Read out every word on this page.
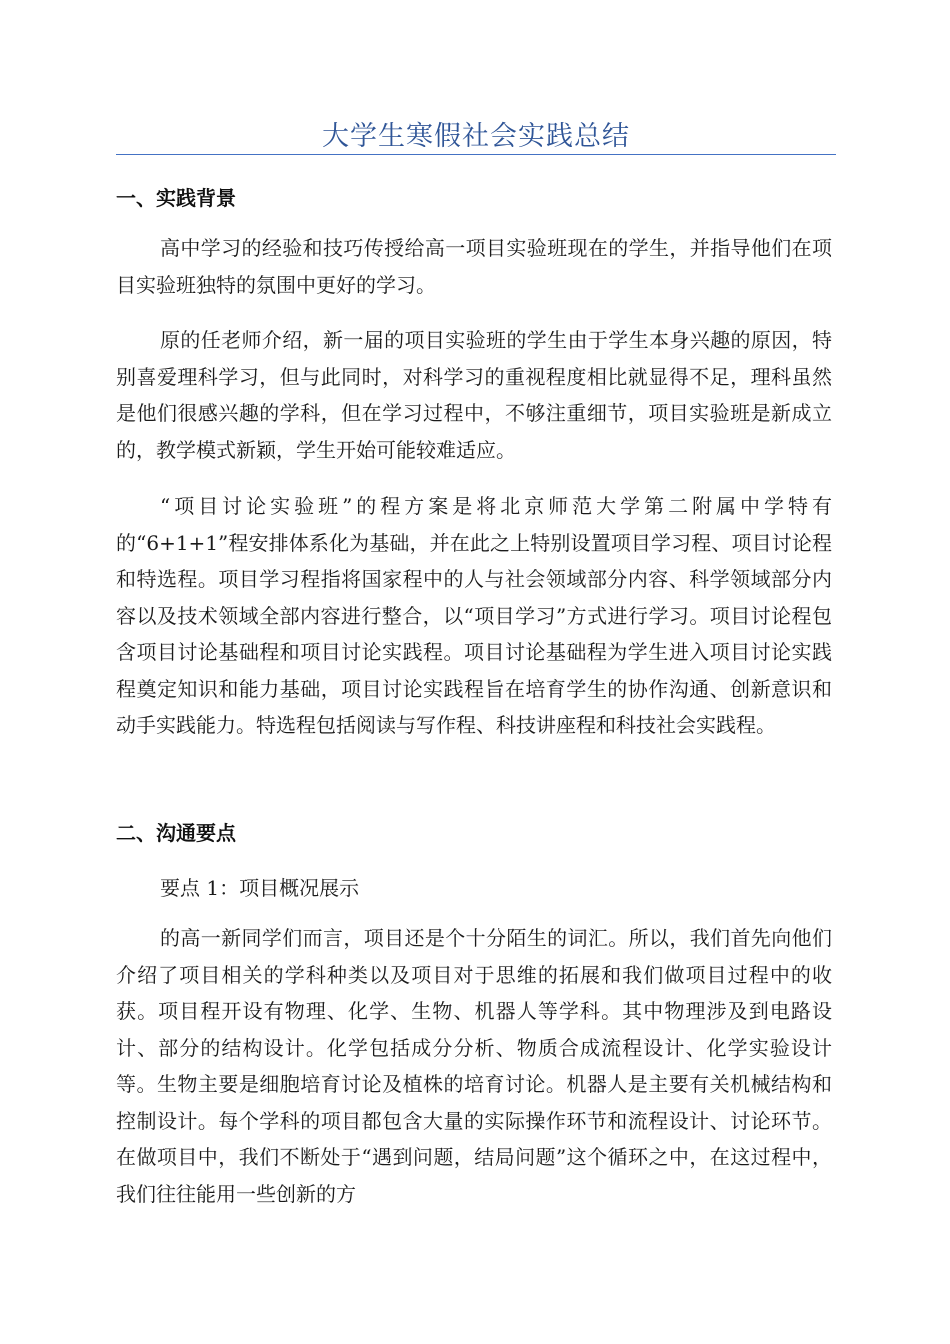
大学生寒假社会实践总结
一、实践背景
高中学习的经验和技巧传授给高一项目实验班现在的学生，并指导他们在项目实验班独特的氛围中更好的学习。
原的任老师介绍，新一届的项目实验班的学生由于学生本身兴趣的原因，特别喜爱理科学习，但与此同时，对科学习的重视程度相比就显得不足，理科虽然是他们很感兴趣的学科，但在学习过程中，不够注重细节，项目实验班是新成立的，教学模式新颖，学生开始可能较难适应。
“项目讨论实验班”的程方案是将北京师范大学第二附属中学特有的“6+1+1”程安排体系化为基础，并在此之上特别设置项目学习程、项目讨论程和特选程。项目学习程指将国家程中的人与社会领域部分内容、科学领域部分内容以及技术领域全部内容进行整合，以“项目学习”方式进行学习。项目讨论程包含项目讨论基础程和项目讨论实践程。项目讨论基础程为学生进入项目讨论实践程奠定知识和能力基础，项目讨论实践程旨在培育学生的协作沟通、创新意识和动手实践能力。特选程包括阅读与写作程、科技讲座程和科技社会实践程。
二、沟通要点
要点 1：项目概况展示
的高一新同学们而言，项目还是个十分陌生的词汇。所以，我们首先向他们介绍了项目相关的学科种类以及项目对于思维的拓展和我们做项目过程中的收获。项目程开设有物理、化学、生物、机器人等学科。其中物理涉及到电路设计、部分的结构设计。化学包括成分分析、物质合成流程设计、化学实验设计等。生物主要是细胞培育讨论及植株的培育讨论。机器人是主要有关机械结构和控制设计。每个学科的项目都包含大量的实际操作环节和流程设计、讨论环节。在做项目中，我们不断处于“遇到问题，结局问题”这个循环之中，在这过程中，我们往往能用一些创新的方
